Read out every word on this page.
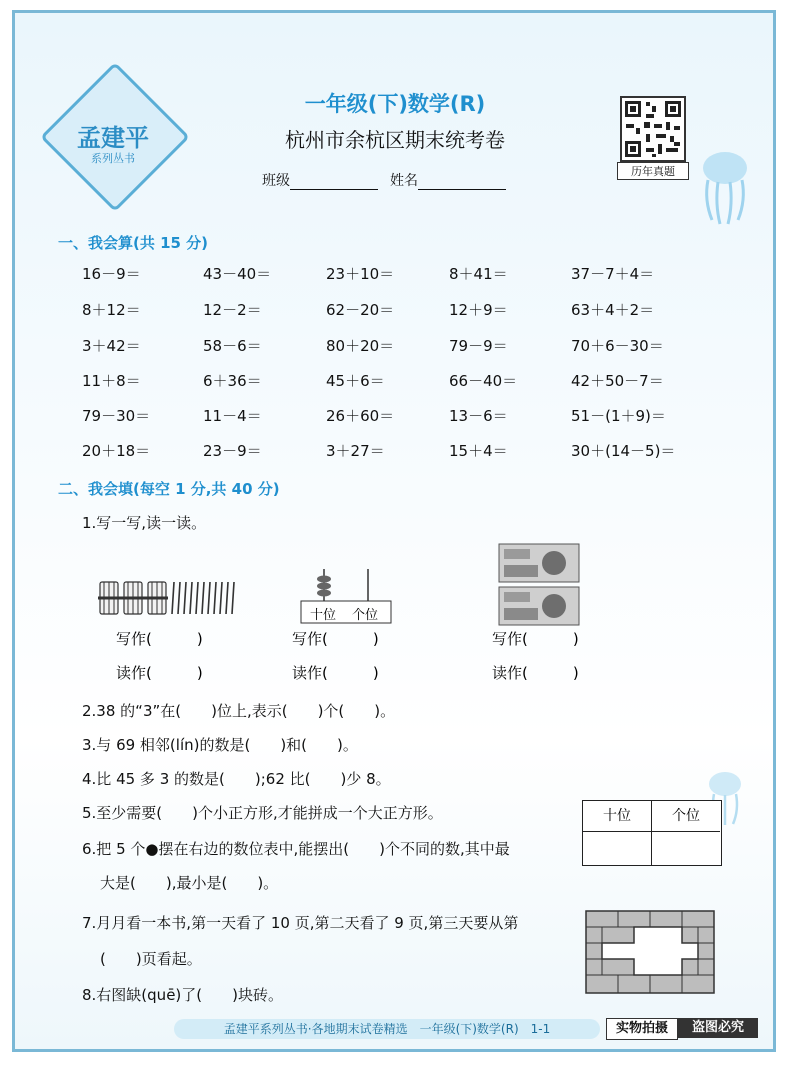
孟建平
系列丛书
一年级(下)数学(R)
杭州市余杭区期末统考卷
班级	姓名
历年真题
一、我会算(共 15 分)
16－9＝	43－40＝	23＋10＝	8＋41＝	37－7＋4＝
8＋12＝	12－2＝	62－20＝	12＋9＝	63＋4＋2＝
3＋42＝	58－6＝	80＋20＝	79－9＝	70＋6－30＝
11＋8＝	6＋36＝	45＋6＝	66－40＝	42＋50－7＝
79－30＝	11－4＝	26＋60＝	13－6＝	51－(1＋9)＝
20＋18＝	23－9＝	3＋27＝	15＋4＝	30＋(14－5)＝
二、我会填(每空 1 分,共 40 分)
1.写一写,读一读。
十位 个位
写作(　　　)	写作(　　　)	写作(　　　)
读作(　　　)	读作(　　　)	读作(　　　)
2.38 的“3”在(　　)位上,表示(　　)个(　　)。
3.与 69 相邻(lín)的数是(　　)和(　　)。
4.比 45 多 3 的数是(　　);62 比(　　)少 8。
5.至少需要(　　)个小正方形,才能拼成一个大正方形。
6.把 5 个●摆在右边的数位表中,能摆出(　　)个不同的数,其中最
大是(　　),最小是(　　)。
7.月月看一本书,第一天看了 10 页,第二天看了 9 页,第三天要从第
(　　)页看起。
8.右图缺(quē)了(　　)块砖。
十位	个位
孟建平系列丛书·各地期末试卷精选　一年级(下)数学(R)　1-1	实物拍摄	盗图必究
